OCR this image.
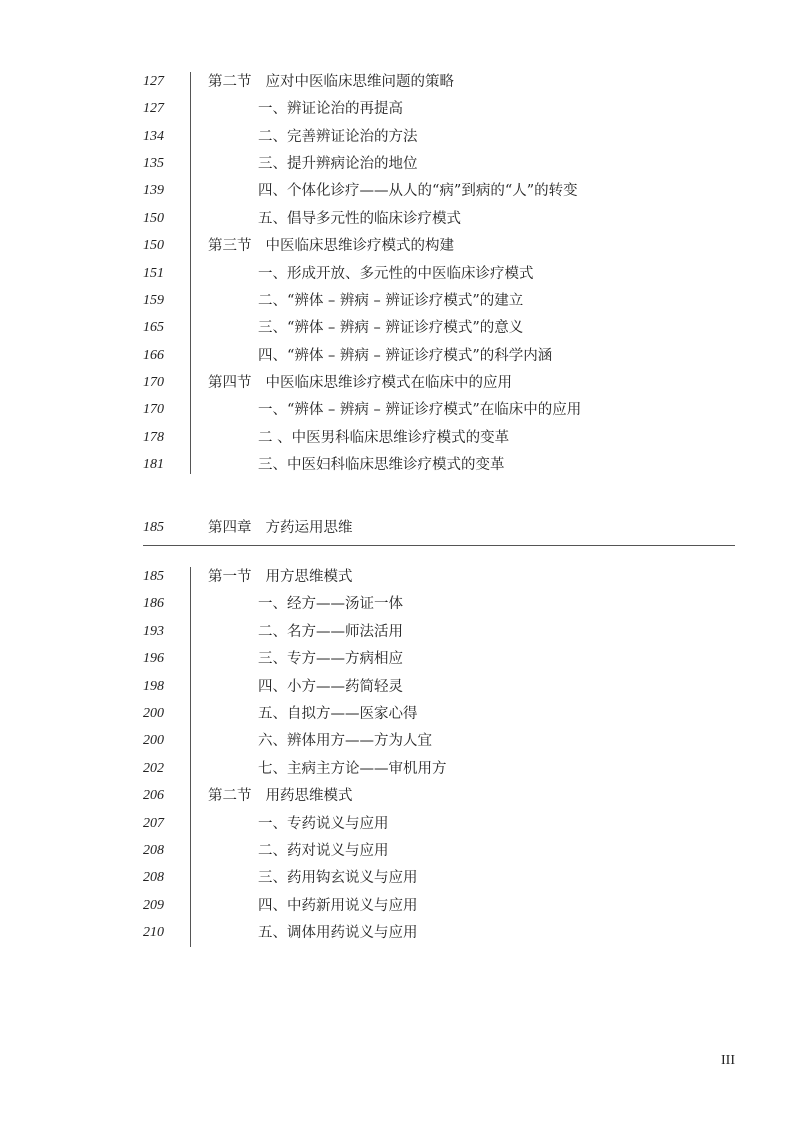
127	第二节 应对中医临床思维问题的策略
127	一、辨证论治的再提高
134	二、完善辨证论治的方法
135	三、提升辨病论治的地位
139	四、个体化诊疗——从人的“病”到病的“人”的转变
150	五、倡导多元性的临床诊疗模式
150	第三节 中医临床思维诊疗模式的构建
151	一、形成开放、多元性的中医临床诊疗模式
159	二、“辨体 – 辨病 – 辨证诊疗模式”的建立
165	三、“辨体 – 辨病 – 辨证诊疗模式”的意义
166	四、“辨体 – 辨病 – 辨证诊疗模式”的科学内涵
170	第四节 中医临床思维诊疗模式在临床中的应用
170	一、“辨体 – 辨病 – 辨证诊疗模式”在临床中的应用
178	二 、中医男科临床思维诊疗模式的变革
181	三、中医妇科临床思维诊疗模式的变革
185	第四章 方药运用思维
185	第一节 用方思维模式
186	一、经方——汤证一体
193	二、名方——师法活用
196	三、专方——方病相应
198	四、小方——药简轻灵
200	五、自拟方——医家心得
200	六、辨体用方——方为人宜
202	七、主病主方论——审机用方
206	第二节 用药思维模式
207	一、专药说义与应用
208	二、药对说义与应用
208	三、药用钩玄说义与应用
209	四、中药新用说义与应用
210	五、调体用药说义与应用
III
